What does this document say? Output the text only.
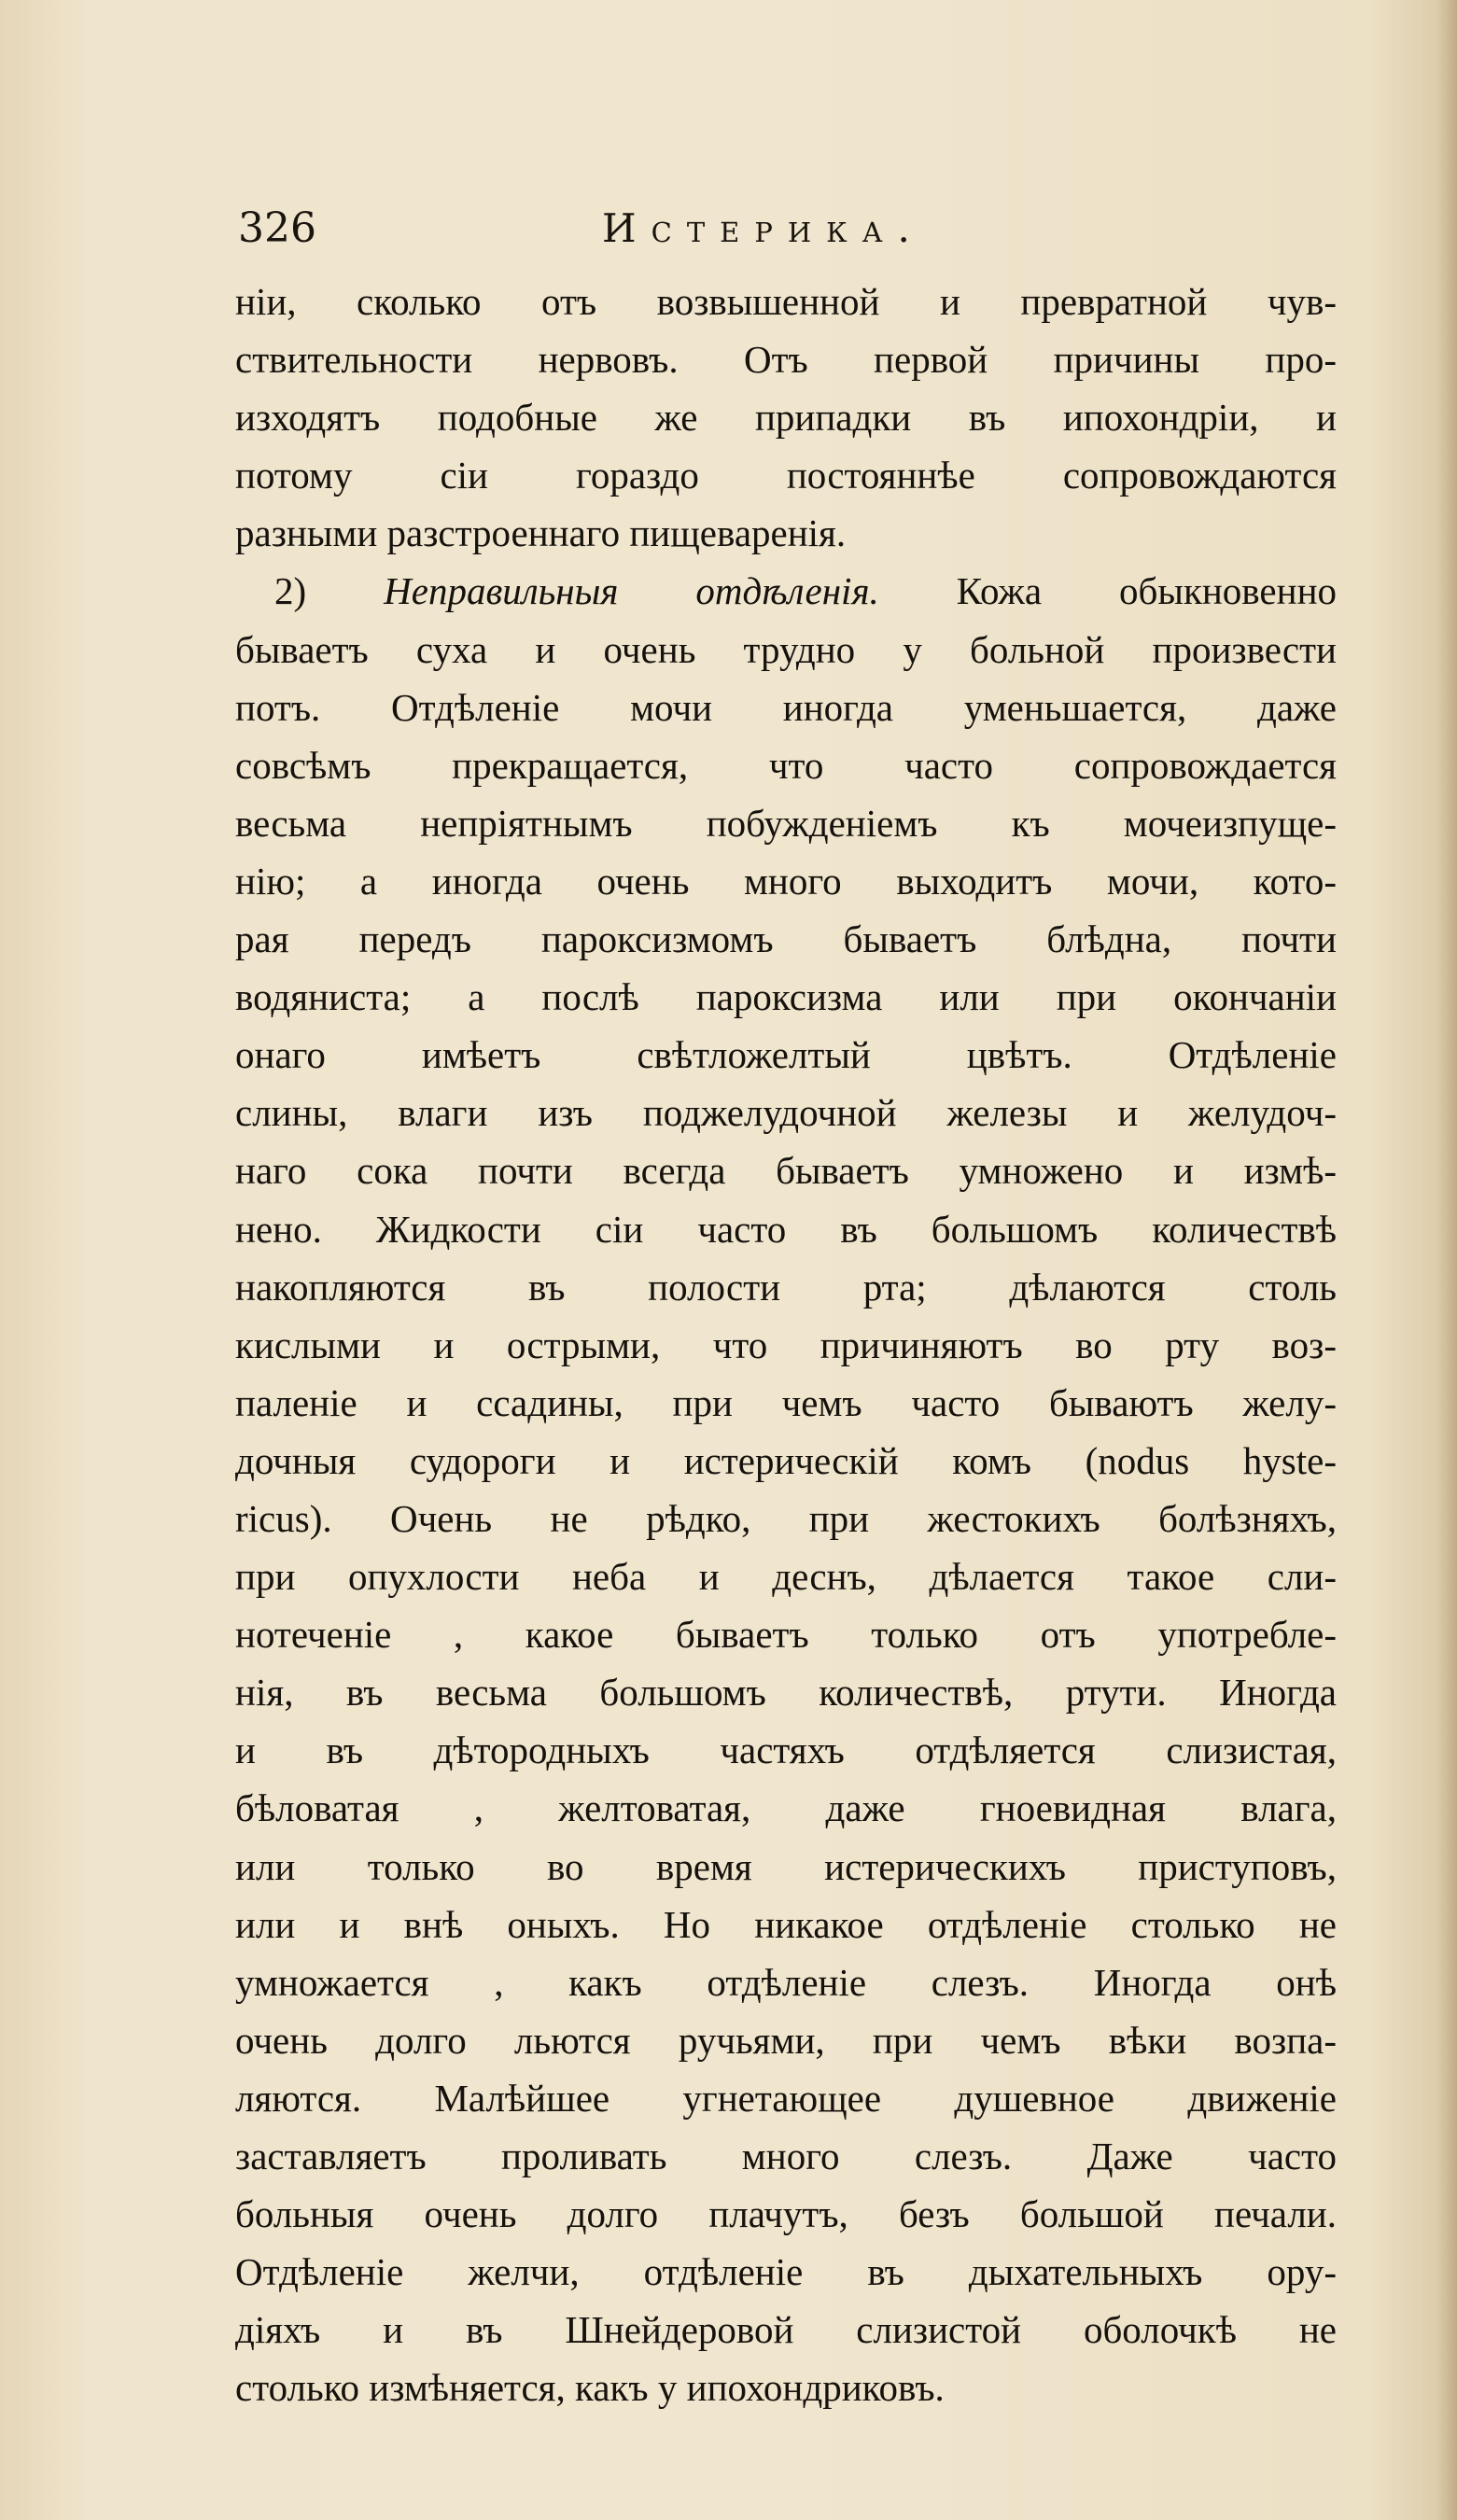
326	Истерика.
нiи, сколько отъ возвышенной и превратной чув-
ствительности нервовъ. Отъ первой причины про-
изходятъ подобные же припадки въ ипохондрiи, и
потому сiи гораздо постояннѣе сопровождаются
разными разстроеннаго пищеваренiя.
2) Неправильныя отдѣленiя. Кожа обыкновенно
бываетъ суха и очень трудно у больной произвести
потъ. Отдѣленiе мочи иногда уменьшается, даже
совсѣмъ прекращается, что часто сопровождается
весьма непрiятнымъ побужденiемъ къ мочеизпуще-
нiю; а иногда очень много выходитъ мочи, кото-
рая передъ пароксизмомъ бываетъ блѣдна, почти
водяниста; а послѣ пароксизма или при окончанiи
онаго имѣетъ свѣтложелтый цвѣтъ. Отдѣленiе
слины, влаги изъ поджелудочной железы и желудоч-
наго сока почти всегда бываетъ умножено и измѣ-
нено. Жидкости сiи часто въ большомъ количествѣ
накопляются въ полости рта; дѣлаются столь
кислыми и острыми, что причиняютъ во рту воз-
паленiе и ссадины, при чемъ часто бываютъ желу-
дочныя судороги и истерическiй комъ (nodus hyste-
ricus). Очень не рѣдко, при жестокихъ болѣзняхъ,
при опухлости неба и деснъ, дѣлается такое сли-
нотеченiе , какое бываетъ только отъ употребле-
нiя, въ весьма большомъ количествѣ, ртути. Иногда
и въ дѣтородныхъ частяхъ отдѣляется слизистая,
бѣловатая , желтоватая, даже гноевидная влага,
или только во время истерическихъ приступовъ,
или и внѣ оныхъ. Но никакое отдѣленiе столько не
умножается , какъ отдѣленiе слезъ. Иногда онѣ
очень долго льются ручьями, при чемъ вѣки возпа-
ляются. Малѣйшее угнетающее душевное движенiе
заставляетъ проливать много слезъ. Даже часто
больныя очень долго плачутъ, безъ большой печали.
Отдѣленiе желчи, отдѣленiе въ дыхательныхъ ору-
дiяхъ и въ Шнейдеровой слизистой оболочкѣ не
столько измѣняется, какъ у ипохондриковъ.
